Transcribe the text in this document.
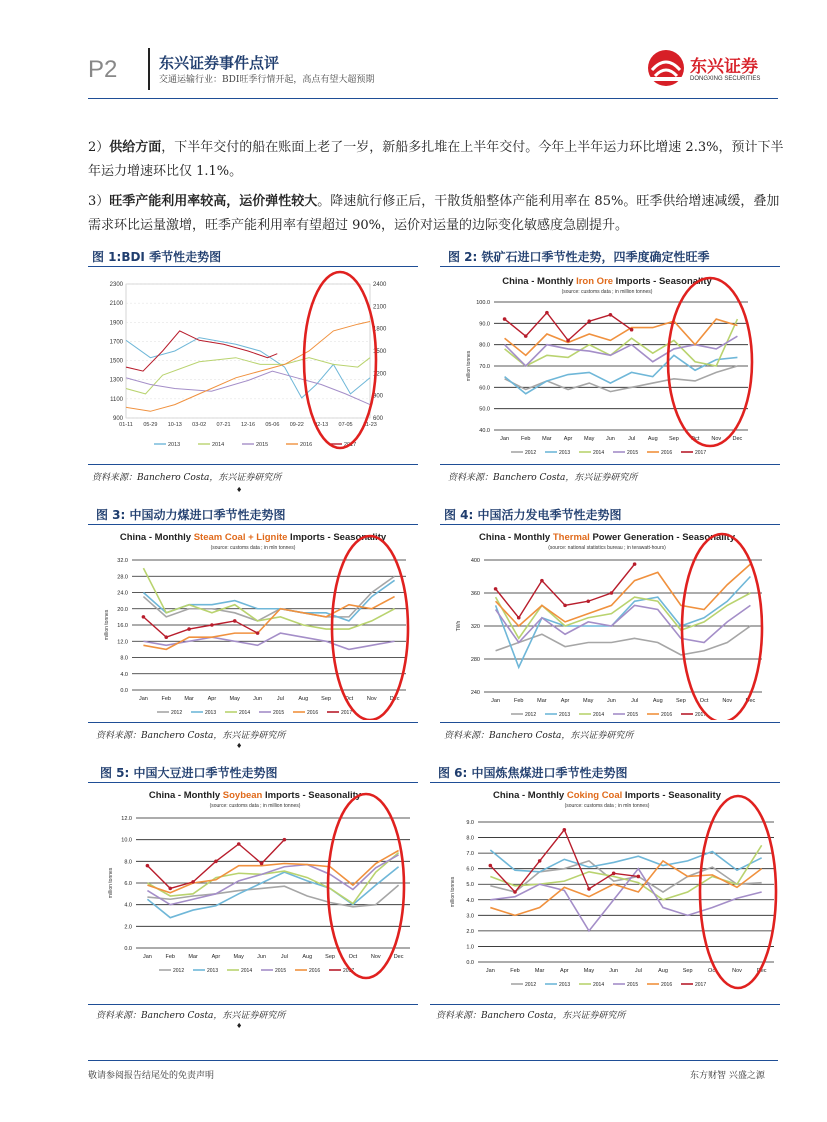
P2	东兴证券事件点评
交通运输行业：BDI旺季行情开起，高点有望大超预期
东兴证券
DONGXING SECURITIES
2）供给方面，下半年交付的船在账面上老了一岁，新船多扎堆在上半年交付。今年上半年运力环比增速 2.3%，预计下半年运力增速环比仅 1.1%。
3）旺季产能利用率较高，运价弹性较大。降速航行修正后，干散货船整体产能利用率在 85%。旺季供给增速减缓，叠加需求环比运量激增，旺季产能利用率有望超过 90%，运价对运量的边际变化敏感度急剧提升。
图 1:BDI 季节性走势图	图 2: 铁矿石进口季节性走势，四季度确定性旺季
图 3: 中国动力煤进口季节性走势图	图 4: 中国活力发电季节性走势图
图 5: 中国大豆进口季节性走势图	图 6: 中国炼焦煤进口季节性走势图
900
1100
1300
1500
1700
1900
2100
2300
600
900
1200
1500
1800
2100
2400
01-11 05-29 10-13 03-02 07-21 12-16 05-06 09-22 02-13 07-05 11-23
2013	2014	2015	2016	2017
China - Monthly Iron Ore Imports - Seasonality
(source: customs data ; in million tonnes)
40.0
50.0
60.0
70.0
80.0
90.0
100.0
million tonnes
Jan Feb Mar Apr May Jun Jul Aug Sep Oct Nov Dec
2012	2013	2014	2015	2016	2017
China - Monthly Steam Coal + Lignite Imports - Seasonality
(source: customs data ; in mln tonnes)
0.0
4.0
8.0
12.0
16.0
20.0
24.0
28.0
32.0
million tonnes
Jan Feb Mar	Apr May Jun	Jul	Aug Sep Oct Nov Dec
2012	2013	2014	2015	2016	2017
China - Monthly Thermal Power Generation - Seasonality
(source: national statistics bureau ; in terawatt-hours)
240
280
320
360
400
TWh
Jan	Feb Mar	Apr May Jun	Jul	Aug Sep	Oct	Nov Dec
2012	2013	2014	2015	2016	2017
China - Monthly Soybean Imports - Seasonality
(source: customs data ; in million tonnes)
0.0
2.0
4.0
6.0
8.0
10.0
12.0
million tonnes
Jan Feb Mar	Apr May Jun	Jul	Aug Sep Oct Nov Dec
2012	2013	2014	2015	2016	2017
China - Monthly Coking Coal Imports - Seasonality
(source: customs data ; in mln tonnes)
0.0
1.0
2.0
3.0
4.0
5.0
6.0
7.0
8.0
9.0
million tonnes
Jan	Feb	Mar	Apr	May	Jun	Jul	Aug	Sep	Oct	Nov	Dec
2012	2013	2014	2015	2016	2017
资料来源：Banchero Costa，东兴证券研究所
♦
资料来源：Banchero Costa，东兴证券研究所
资料来源：Banchero Costa，东兴证券研究所
♦
资料来源：Banchero Costa，东兴证券研究所
资料来源：Banchero Costa，东兴证券研究所
♦
资料来源：Banchero Costa，东兴证券研究所
敬请参阅报告结尾处的免责声明	东方财智 兴盛之源
